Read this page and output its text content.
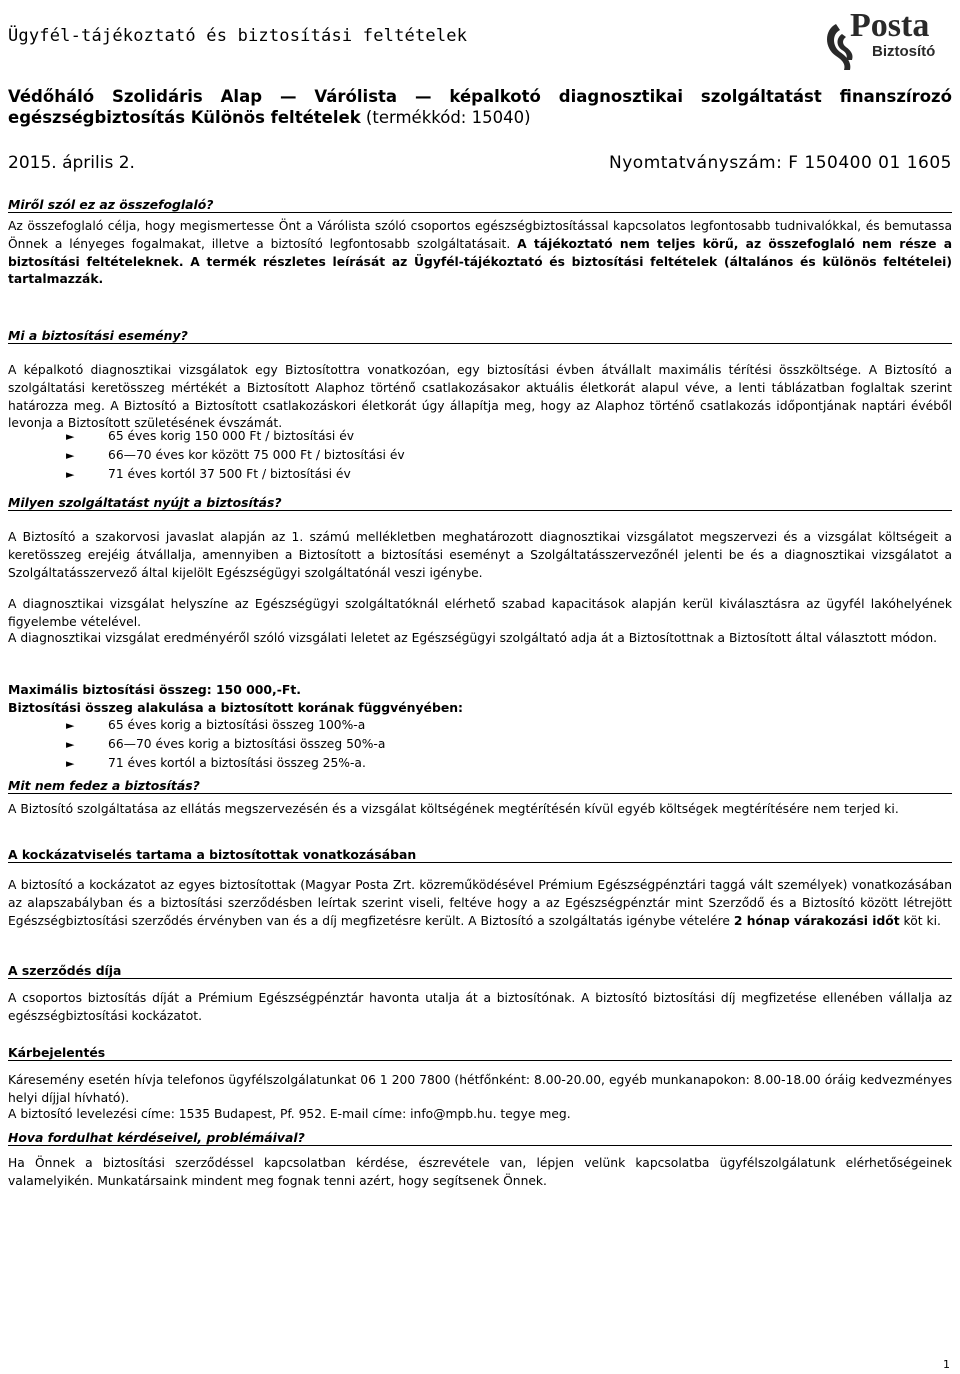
Ügyfél-tájékoztató és biztosítási feltételek	Posta
Biztosító
Védőháló Szolidáris Alap — Várólista — képalkotó diagnosztikai szolgáltatást finanszírozó egészségbiztosítás Különös feltételek (termékkód: 15040)
2015. április 2.	Nyomtatványszám: F 150400 01 1605
Miről szól ez az összefoglaló?
Az összefoglaló célja, hogy megismertesse Önt a Várólista szóló csoportos egészségbiztosítással kapcsolatos legfontosabb tudnivalókkal, és bemutassa Önnek a lényeges fogalmakat, illetve a biztosító legfontosabb szolgáltatásait. A tájékoztató nem teljes körű, az összefoglaló nem része a biztosítási feltételeknek. A termék részletes leírását az Ügyfél-tájékoztató és biztosítási feltételek (általános és különös feltételei) tartalmazzák.
Mi a biztosítási esemény?
A képalkotó diagnosztikai vizsgálatok egy Biztosítottra vonatkozóan, egy biztosítási évben átvállalt maximális térítési összköltsége. A Biztosító a szolgáltatási keretösszeg mértékét a Biztosított Alaphoz történő csatlakozásakor aktuális életkorát alapul véve, a lenti táblázatban foglaltak szerint határozza meg. A Biztosító a Biztosított csatlakozáskori életkorát úgy állapítja meg, hogy az Alaphoz történő csatlakozás időpontjának naptári évéből levonja a Biztosított születésének évszámát.
►	65 éves korig 150 000 Ft / biztosítási év
►	66—70 éves kor között 75 000 Ft / biztosítási év
►	71 éves kortól 37 500 Ft / biztosítási év
Milyen szolgáltatást nyújt a biztosítás?
A Biztosító a szakorvosi javaslat alapján az 1. számú mellékletben meghatározott diagnosztikai vizsgálatot megszervezi és a vizsgálat költségeit a keretösszeg erejéig átvállalja, amennyiben a Biztosított a biztosítási eseményt a Szolgáltatásszervezőnél jelenti be és a diagnosztikai vizsgálatot a Szolgáltatásszervező által kijelölt Egészségügyi szolgáltatónál veszi igénybe.
A diagnosztikai vizsgálat helyszíne az Egészségügyi szolgáltatóknál elérhető szabad kapacitások alapján kerül kiválasztásra az ügyfél lakóhelyének figyelembe vételével.
A diagnosztikai vizsgálat eredményéről szóló vizsgálati leletet az Egészségügyi szolgáltató adja át a Biztosítottnak a Biztosított által választott módon.
Maximális biztosítási összeg: 150 000,-Ft.
Biztosítási összeg alakulása a biztosított korának függvényében:
►	65 éves korig a biztosítási összeg 100%-a
►	66—70 éves korig a biztosítási összeg 50%-a
►	71 éves kortól a biztosítási összeg 25%-a.
Mit nem fedez a biztosítás?
A Biztosító szolgáltatása az ellátás megszervezésén és a vizsgálat költségének megtérítésén kívül egyéb költségek megtérítésére nem terjed ki.
A kockázatviselés tartama a biztosítottak vonatkozásában
A biztosító a kockázatot az egyes biztosítottak (Magyar Posta Zrt. közreműködésével Prémium Egészségpénztári taggá vált személyek) vonatkozásában az alapszabályban és a biztosítási szerződésben leírtak szerint viseli, feltéve hogy a az Egészségpénztár mint Szerződő és a Biztosító között létrejött Egészségbiztosítási szerződés érvényben van és a díj megfizetésre került. A Biztosító a szolgáltatás igénybe vételére 2 hónap várakozási időt köt ki.
A szerződés díja
A csoportos biztosítás díját a Prémium Egészségpénztár havonta utalja át a biztosítónak. A biztosító biztosítási díj megfizetése ellenében vállalja az egészségbiztosítási kockázatot.
Kárbejelentés
Káresemény esetén hívja telefonos ügyfélszolgálatunkat 06 1 200 7800 (hétfőnként: 8.00-20.00, egyéb munkanapokon: 8.00-18.00 óráig kedvezményes helyi díjjal hívható).
A biztosító levelezési címe: 1535 Budapest, Pf. 952. E-mail címe: info@mpb.hu. tegye meg.
Hova fordulhat kérdéseivel, problémáival?
Ha Önnek a biztosítási szerződéssel kapcsolatban kérdése, észrevétele van, lépjen velünk kapcsolatba ügyfélszolgálatunk elérhetőségeinek valamelyikén. Munkatársaink mindent meg fognak tenni azért, hogy segítsenek Önnek.
1
